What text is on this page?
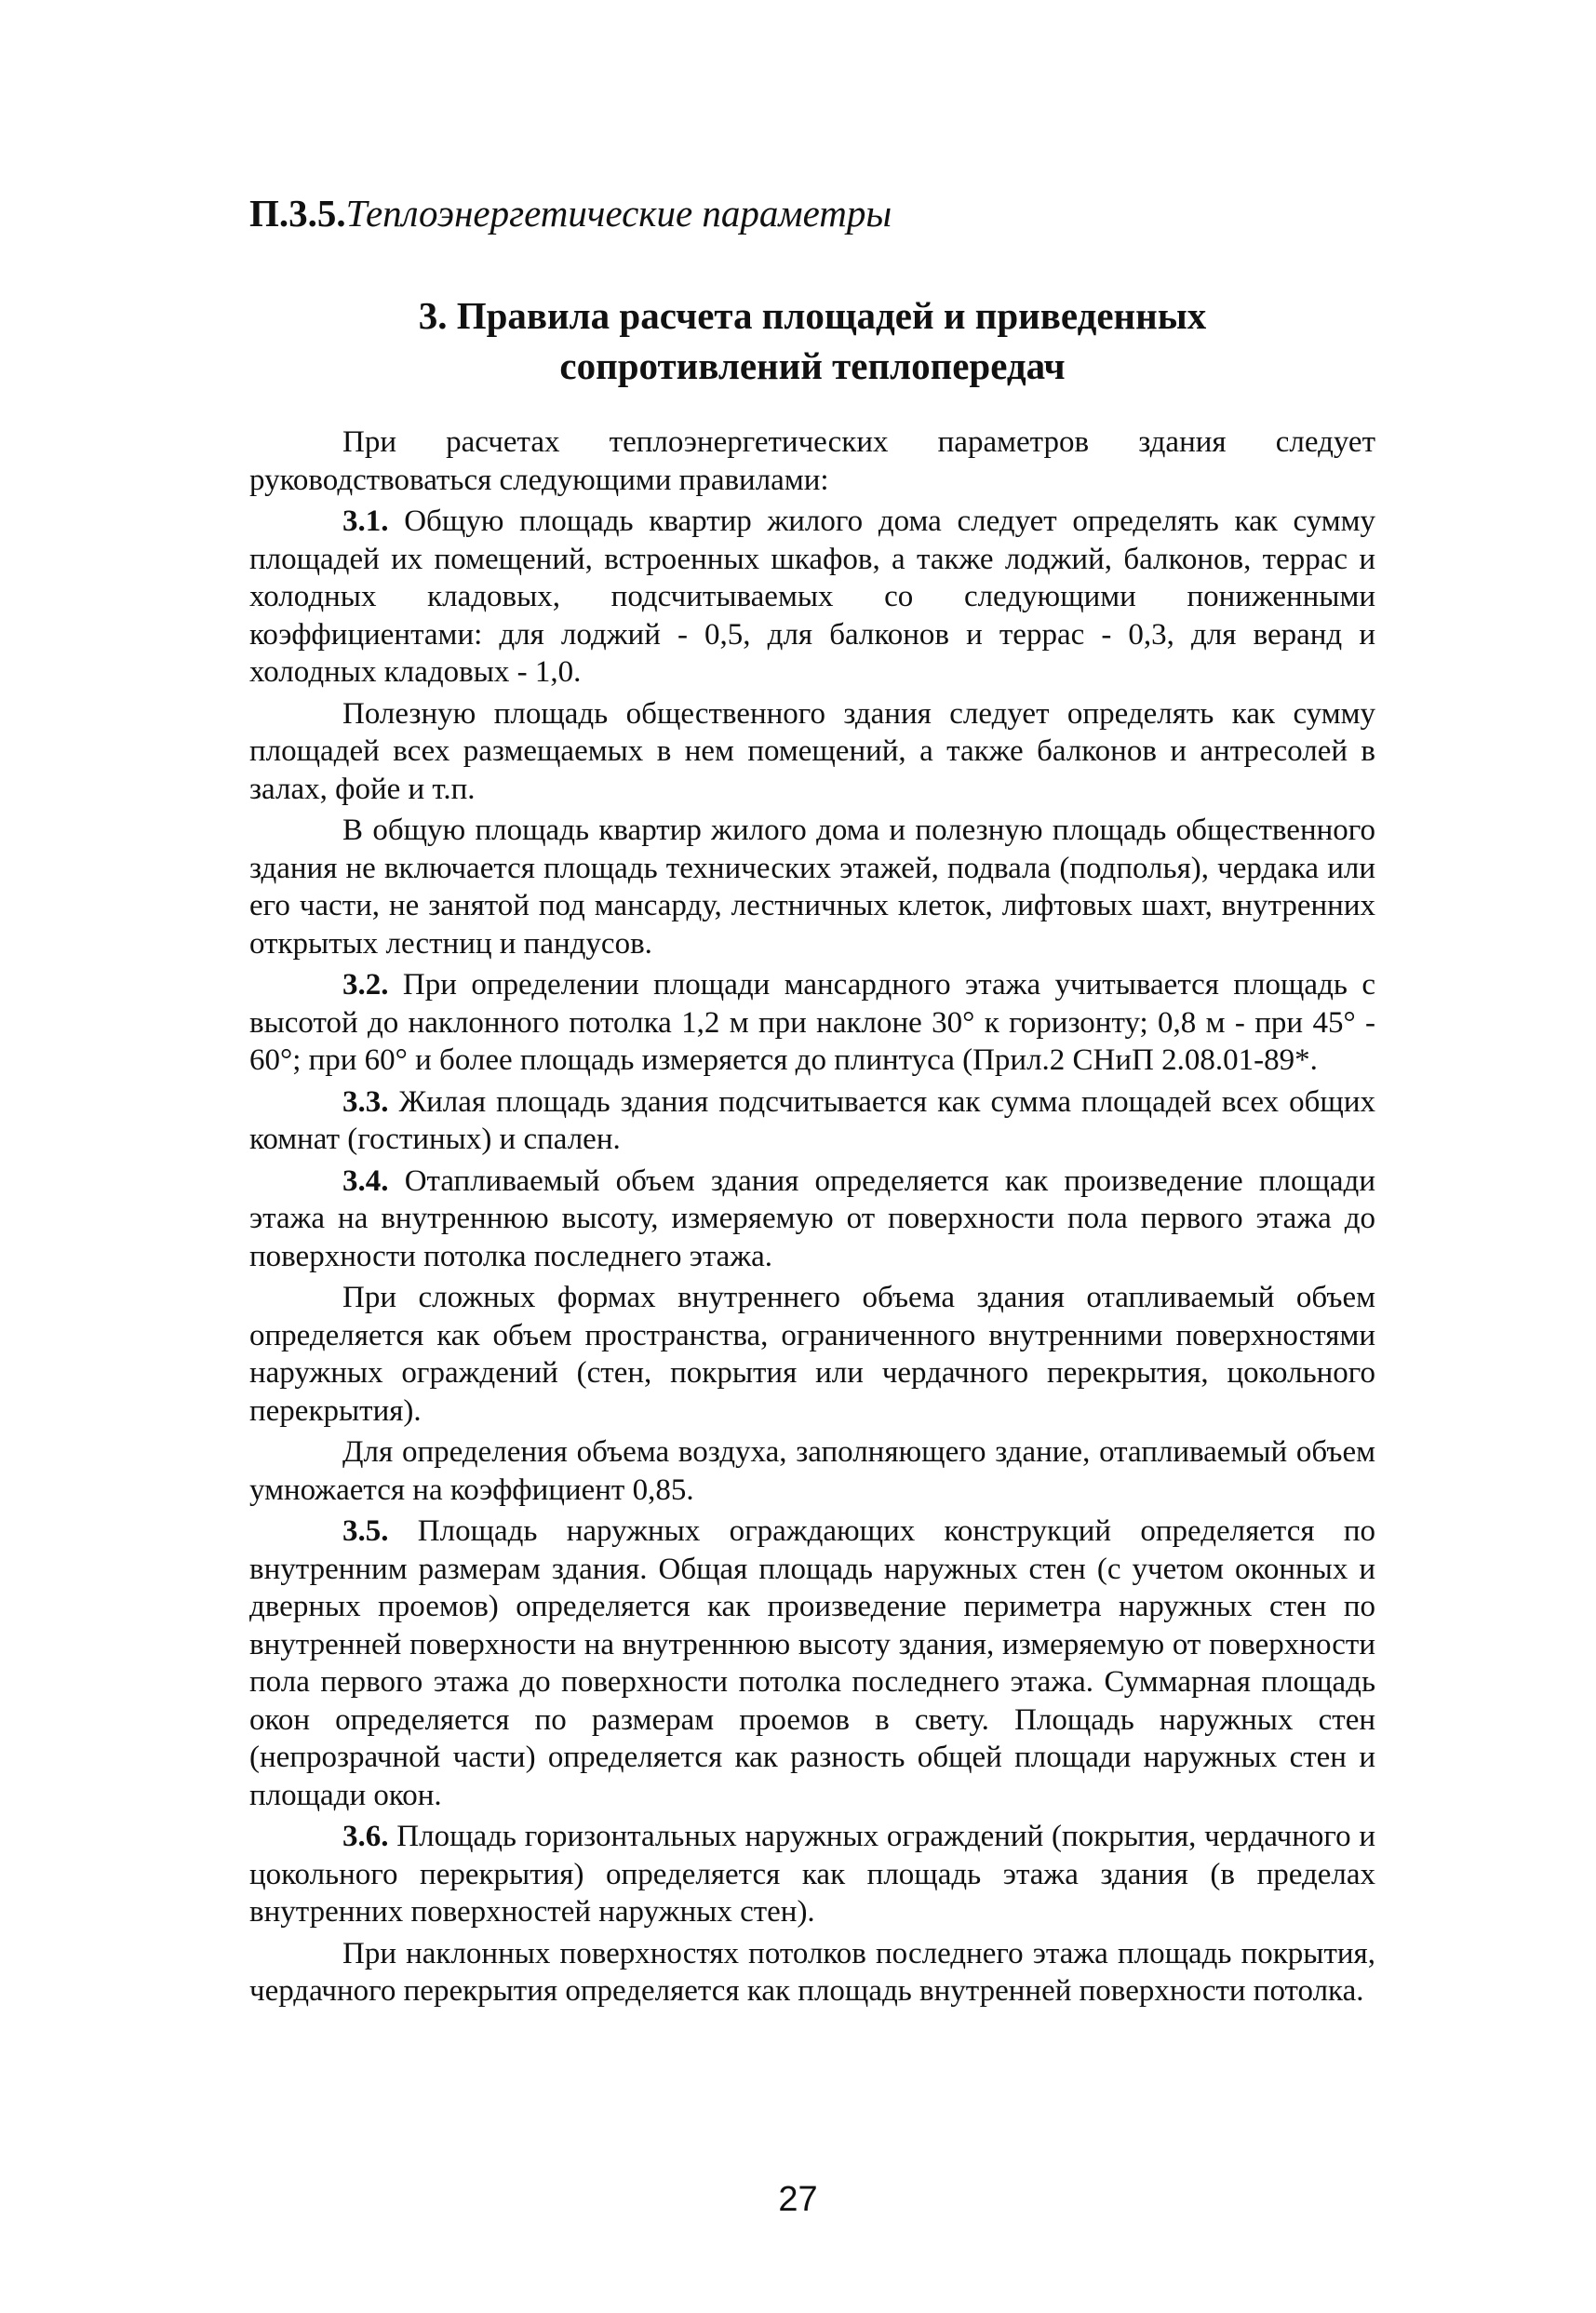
П.3.5.Теплоэнергетические параметры
3. Правила расчета площадей и приведенных
сопротивлений теплопередач

При расчетах теплоэнергетических параметров здания следует руководствоваться следующими правилами:

3.1. Общую площадь квартир жилого дома следует определять как сумму площадей их помещений, встроенных шкафов, а также лоджий, балконов, террас и холодных кладовых, подсчитываемых со следующими пониженными коэффициентами: для лоджий - 0,5, для балконов и террас - 0,3, для веранд и холодных кладовых - 1,0.

Полезную площадь общественного здания следует определять как сумму площадей всех размещаемых в нем помещений, а также балконов и антресолей в залах, фойе и т.п.

В общую площадь квартир жилого дома и полезную площадь общественного здания не включается площадь технических этажей, подвала (подполья), чердака или его части, не занятой под мансарду, лестничных клеток, лифтовых шахт, внутренних открытых лестниц и пандусов.

3.2. При определении площади мансардного этажа учитывается площадь с высотой до наклонного потолка 1,2 м при наклоне 30° к горизонту; 0,8 м - при 45° - 60°; при 60° и более площадь измеряется до плинтуса (Прил.2 СНиП 2.08.01-89*.

3.3. Жилая площадь здания подсчитывается как сумма площадей всех общих комнат (гостиных) и спален.

3.4. Отапливаемый объем здания определяется как произведение площади этажа на внутреннюю высоту, измеряемую от поверхности пола первого этажа до поверхности потолка последнего этажа.

При сложных формах внутреннего объема здания отапливаемый объем определяется как объем пространства, ограниченного внутренними поверхностями наружных ограждений (стен, покрытия или чердачного перекрытия, цокольного перекрытия).

Для определения объема воздуха, заполняющего здание, отапливаемый объем умножается на коэффициент 0,85.

3.5. Площадь наружных ограждающих конструкций определяется по внутренним размерам здания. Общая площадь наружных стен (с учетом оконных и дверных проемов) определяется как произведение периметра наружных стен по внутренней поверхности на внутреннюю высоту здания, измеряемую от поверхности пола первого этажа до поверхности потолка последнего этажа. Суммарная площадь окон определяется по размерам проемов в свету. Площадь наружных стен (непрозрачной части) определяется как разность общей площади наружных стен и площади окон.

3.6. Площадь горизонтальных наружных ограждений (покрытия, чердачного и цокольного перекрытия) определяется как площадь этажа здания (в пределах внутренних поверхностей наружных стен).

При наклонных поверхностях потолков последнего этажа площадь покрытия, чердачного перекрытия определяется как площадь внутренней поверхности потолка.

27
